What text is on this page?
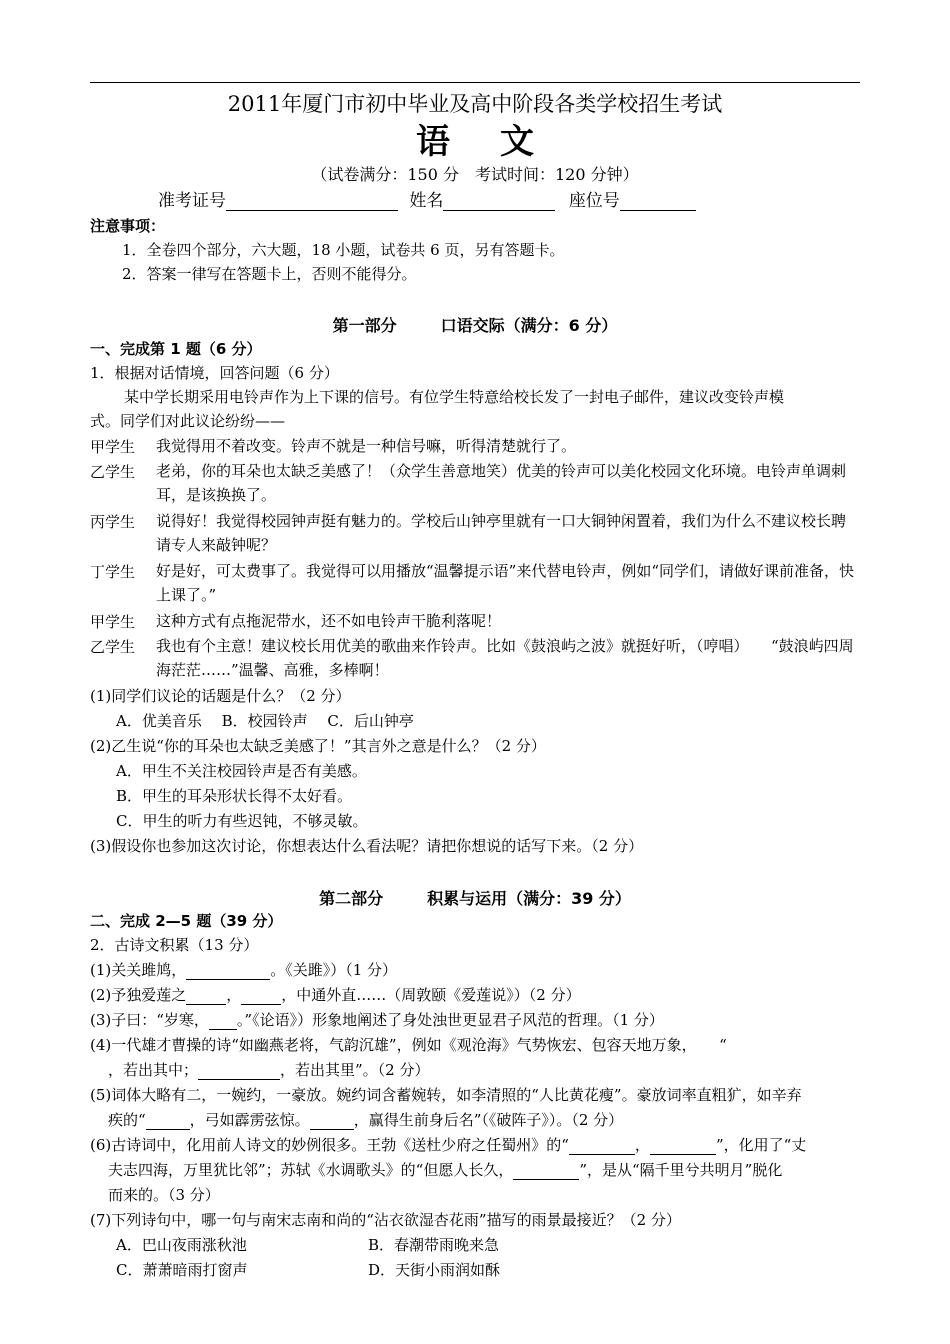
2011年厦门市初中毕业及高中阶段各类学校招生考试
语文
（试卷满分：150 分　考试时间：120 分钟）
准考证号	姓名	座位号
注意事项：
1．全卷四个部分，六大题，18 小题，试卷共 6 页，另有答题卡。
2．答案一律写在答题卡上，否则不能得分。
第一部分	口语交际（满分：6 分）
一、完成第 1 题（6 分）
1．根据对话情境，回答问题（6 分）
某中学长期采用电铃声作为上下课的信号。有位学生特意给校长发了一封电子邮件，建议改变铃声模
式。同学们对此议论纷纷——
甲学生 我觉得用不着改变。铃声不就是一种信号嘛，听得清楚就行了。
乙学生 老弟，你的耳朵也太缺乏美感了！（众学生善意地笑）优美的铃声可以美化校园文化环境。电铃声单调刺耳，是该换换了。
丙学生 说得好！我觉得校园钟声挺有魅力的。学校后山钟亭里就有一口大铜钟闲置着，我们为什么不建议校长聘请专人来敲钟呢？
丁学生 好是好，可太费事了。我觉得可以用播放“温馨提示语”来代替电铃声，例如“同学们，请做好课前准备，快上课了。”
甲学生 这种方式有点拖泥带水，还不如电铃声干脆利落呢！
乙学生 我也有个主意！建议校长用优美的歌曲来作铃声。比如《鼓浪屿之波》就挺好听，（哼唱）　　“鼓浪屿四周海茫茫……”温馨、高雅，多棒啊！
(1)同学们议论的话题是什么？（2 分）
A．优美音乐　 B．校园铃声　 C．后山钟亭
(2)乙生说“你的耳朵也太缺乏美感了！”其言外之意是什么？（2 分）
A．甲生不关注校园铃声是否有美感。
B．甲生的耳朵形状长得不太好看。
C．甲生的听力有些迟钝，不够灵敏。
(3)假设你也参加这次讨论，你想表达什么看法呢？请把你想说的话写下来。（2 分）
第二部分	积累与运用（满分：39 分）
二、完成 2—5 题（39 分）
2．古诗文积累（13 分）
(1)关关雎鸠，	。《关雎》）（1 分）
(2)予独爱莲之	，	，中通外直……（周敦颐《爱莲说》）（2 分）
(3)子曰：“岁寒， 。”《论语》）形象地阐述了身处浊世更显君子风范的哲理。（1 分）
(4)一代雄才曹操的诗“如幽燕老将，气韵沉雄”，例如《观沧海》气势恢宏、包容天地万象，　　“
，若出其中；	，若出其里”。（2 分）
(5)词体大略有二，一婉约，一豪放。婉约词含蓄婉转，如李清照的“人比黄花瘦”。豪放词率直粗犷，如辛弃
疾的“	，弓如霹雳弦惊。	，赢得生前身后名”（《破阵子》）。（2 分）
(6)古诗词中，化用前人诗文的妙例很多。王勃《送杜少府之任蜀州》的“	，	”，化用了“丈
夫志四海，万里犹比邻”；苏轼《水调歌头》的“但愿人长久，	”，是从“隔千里兮共明月”脱化
而来的。（3 分）
(7)下列诗句中，哪一句与南宋志南和尚的“沾衣欲湿杏花雨”描写的雨景最接近？（2 分）
A．巴山夜雨涨秋池	B．春潮带雨晚来急
C．萧萧暗雨打窗声	D．天街小雨润如酥
